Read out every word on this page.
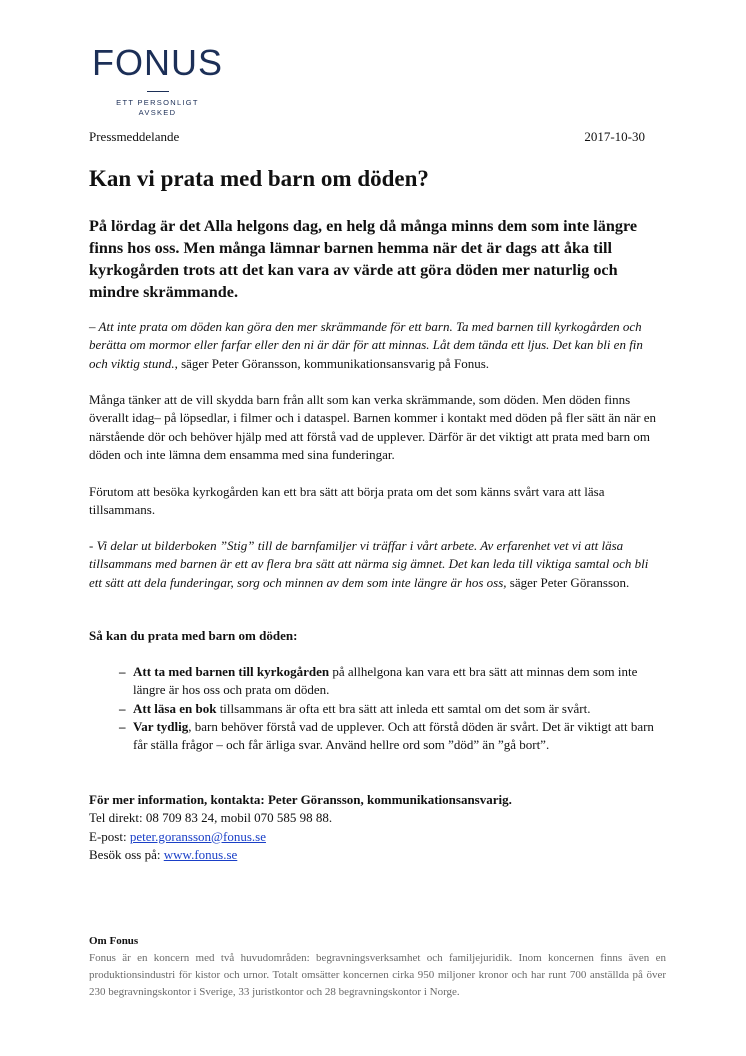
FONUS
ETT PERSONLIGT
AVSKED
Pressmeddelande	2017-10-30
Kan vi prata med barn om döden?

På lördag är det Alla helgons dag, en helg då många minns dem som inte längre finns hos oss. Men många lämnar barnen hemma när det är dags att åka till kyrkogården trots att det kan vara av värde att göra döden mer naturlig och mindre skrämmande.

– Att inte prata om döden kan göra den mer skrämmande för ett barn. Ta med barnen till kyrkogården och berätta om mormor eller farfar eller den ni är där för att minnas. Låt dem tända ett ljus. Det kan bli en fin och viktig stund., säger Peter Göransson, kommunikationsansvarig på Fonus.

Många tänker att de vill skydda barn från allt som kan verka skrämmande, som döden. Men döden finns överallt idag– på löpsedlar, i filmer och i dataspel. Barnen kommer i kontakt med döden på fler sätt än när en närstående dör och behöver hjälp med att förstå vad de upplever. Därför är det viktigt att prata med barn om döden och inte lämna dem ensamma med sina funderingar.

Förutom att besöka kyrkogården kan ett bra sätt att börja prata om det som känns svårt vara att läsa tillsammans.

- Vi delar ut bilderboken ”Stig” till de barnfamiljer vi träffar i vårt arbete. Av erfarenhet vet vi att läsa tillsammans med barnen är ett av flera bra sätt att närma sig ämnet. Det kan leda till viktiga samtal och bli ett sätt att dela funderingar, sorg och minnen av dem som inte längre är hos oss, säger Peter Göransson.

Så kan du prata med barn om döden:

– Att ta med barnen till kyrkogården på allhelgona kan vara ett bra sätt att minnas dem som inte längre är hos oss och prata om döden.
– Att läsa en bok tillsammans är ofta ett bra sätt att inleda ett samtal om det som är svårt.
– Var tydlig, barn behöver förstå vad de upplever. Och att förstå döden är svårt. Det är viktigt att barn får ställa frågor – och får ärliga svar. Använd hellre ord som ”död” än ”gå bort”.
För mer information, kontakta: Peter Göransson, kommunikationsansvarig.
Tel direkt: 08 709 83 24, mobil 070 585 98 88.
E-post: peter.goransson@fonus.se
Besök oss på: www.fonus.se
Om Fonus

Fonus är en koncern med två huvudområden: begravningsverksamhet och familjejuridik. Inom koncernen finns även en produktionsindustri för kistor och urnor. Totalt omsätter koncernen cirka 950 miljoner kronor och har runt 700 anställda på över 230 begravningskontor i Sverige, 33 juristkontor och 28 begravningskontor i Norge.
